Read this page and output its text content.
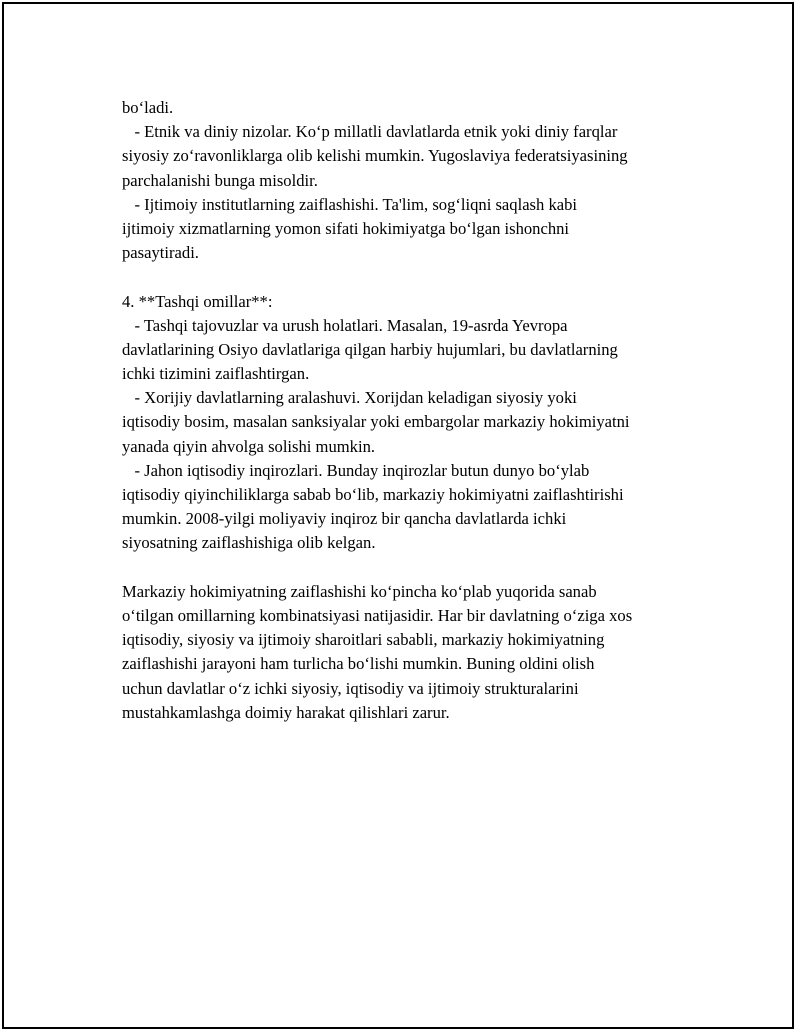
bo‘ladi.
- Etnik va diniy nizolar. Ko‘p millatli davlatlarda etnik yoki diniy farqlar
siyosiy zo‘ravonliklarga olib kelishi mumkin. Yugoslaviya federatsiyasining
parchalanishi bunga misoldir.
- Ijtimoiy institutlarning zaiflashishi. Ta'lim, sog‘liqni saqlash kabi
ijtimoiy xizmatlarning yomon sifati hokimiyatga bo‘lgan ishonchni
pasaytiradi.
4. **Tashqi omillar**:
- Tashqi tajovuzlar va urush holatlari. Masalan, 19-asrda Yevropa
davlatlarining Osiyo davlatlariga qilgan harbiy hujumlari, bu davlatlarning
ichki tizimini zaiflashtirgan.
- Xorijiy davlatlarning aralashuvi. Xorijdan keladigan siyosiy yoki
iqtisodiy bosim, masalan sanksiyalar yoki embargolar markaziy hokimiyatni
yanada qiyin ahvolga solishi mumkin.
- Jahon iqtisodiy inqirozlari. Bunday inqirozlar butun dunyo bo‘ylab
iqtisodiy qiyinchiliklarga sabab bo‘lib, markaziy hokimiyatni zaiflashtirishi
mumkin. 2008-yilgi moliyaviy inqiroz bir qancha davlatlarda ichki
siyosatning zaiflashishiga olib kelgan.
Markaziy hokimiyatning zaiflashishi ko‘pincha ko‘plab yuqorida sanab
o‘tilgan omillarning kombinatsiyasi natijasidir. Har bir davlatning o‘ziga xos
iqtisodiy, siyosiy va ijtimoiy sharoitlari sababli, markaziy hokimiyatning
zaiflashishi jarayoni ham turlicha bo‘lishi mumkin. Buning oldini olish
uchun davlatlar o‘z ichki siyosiy, iqtisodiy va ijtimoiy strukturalarini
mustahkamlashga doimiy harakat qilishlari zarur.
